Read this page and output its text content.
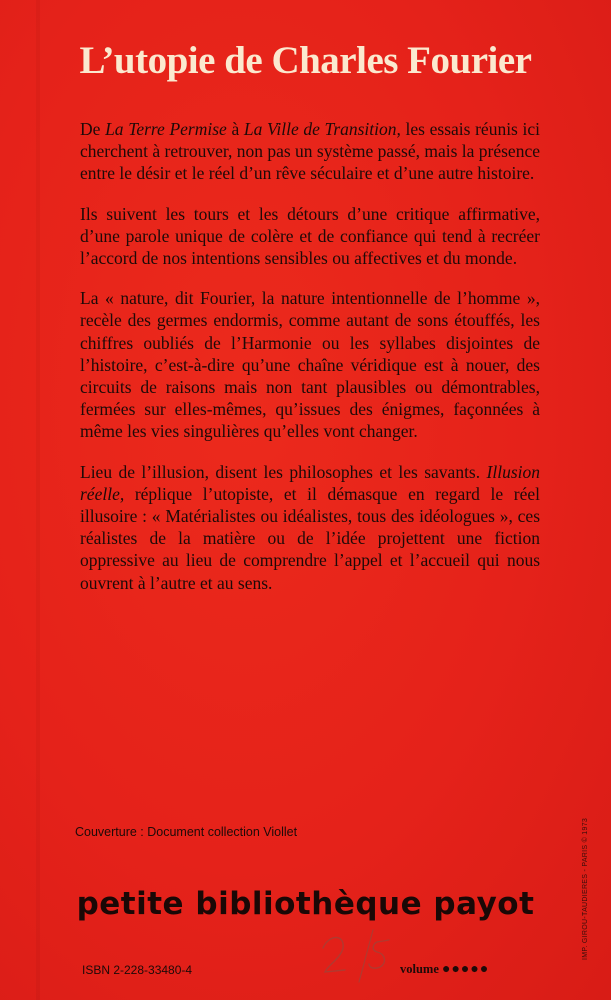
L’utopie de Charles Fourier

De La Terre Permise à La Ville de Transition, les essais réunis ici cherchent à retrouver, non pas un système passé, mais la présence entre le désir et le réel d’un rêve séculaire et d’une autre histoire.

Ils suivent les tours et les détours d’une critique affirmative, d’une parole unique de colère et de confiance qui tend à recréer l’accord de nos intentions sensibles ou affectives et du monde.

La « nature, dit Fourier, la nature intentionnelle de l’homme », recèle des germes endormis, comme autant de sons étouffés, les chiffres oubliés de l’Harmonie ou les syllabes disjointes de l’histoire, c’est-à-dire qu’une chaîne véridique est à nouer, des circuits de raisons mais non tant plausibles ou démontrables, fermées sur elles-mêmes, qu’issues des énigmes, façonnées à même les vies singulières qu’elles vont changer.

Lieu de l’illusion, disent les philosophes et les savants. Illusion réelle, réplique l’utopiste, et il démasque en regard le réel illusoire : « Matérialistes ou idéalistes, tous des idéologues », ces réalistes de la matière ou de l’idée projettent une fiction oppressive au lieu de comprendre l’appel et l’accueil qui nous ouvrent à l’autre et au sens.

Couverture : Document collection Viollet
petite bibliothèque payot
ISBN 2-228-33480-4	volume ●●●●●
IMP. GIROU-TAUDIERES - PARIS © 1973
